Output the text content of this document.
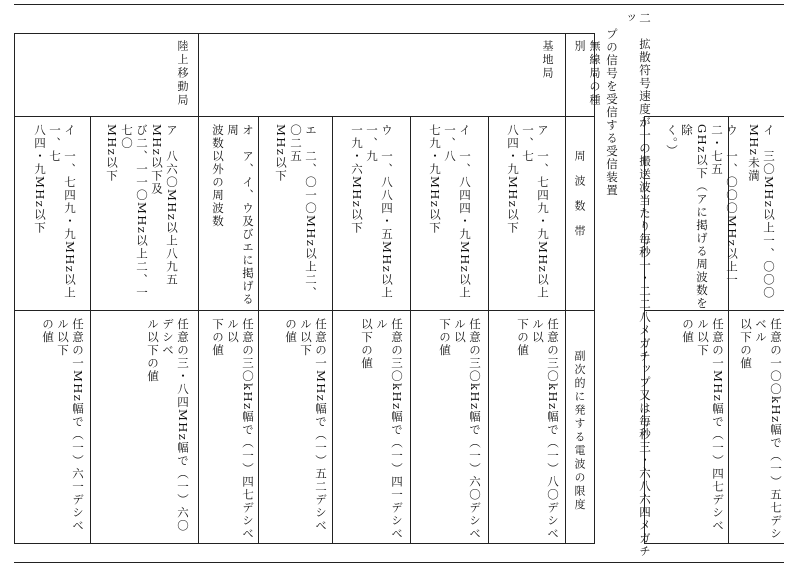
二　拡散符号速度が一の搬送波当たり毎秒一・二二八メガチップ又は毎秒三・六八六四メガチッ
プの信号を受信する受信装置
無線局の種別
周波数帯
副次的に発する電波の限度
基地局
陸上移動局
ア　一、七四九・九MHz以上一、七
八四・九MHz以下
任意の三〇kHz幅で（一）八〇デシベル以
下の値
イ　一、八四四・九MHz以上一、八
七九・九MHz以下
任意の三〇kHz幅で（一）六〇デシベル以
下の値
ウ　一、八八四・五MHz以上一、九
一九・六MHz以下
任意の三〇kHz幅で（一）四一デシベル
以下の値
エ　二、〇一〇MHz以上二、〇二五
MHz以下
任意の一MHz幅で（一）五二デシベル以下
の値
オ　ア、イ、ウ及びエに掲げる周
波数以外の周波数
任意の三〇kHz幅で（一）四七デシベル以
下の値
ア　八六〇MHz以上八九五MHz以下及
び二、一一〇MHz以上二、一七〇
MHz以下
任意の三・八四MHz幅で（一）六〇デシベ
ル以下の値
イ　一、七四九・九MHz以上一、七
八四・九MHz以下
任意の一MHz幅で（一）六一デシベル以下
の値
イ　三〇MHz以上一、〇〇〇MHz未満
任意の一〇〇kHz幅で（一）五七デシベル
以下の値
ウ　一、〇〇〇MHz以上一二・七五
GHz以下（アに掲げる周波数を除
く。）
任意の一MHz幅で（一）四七デシベル以下
の値
